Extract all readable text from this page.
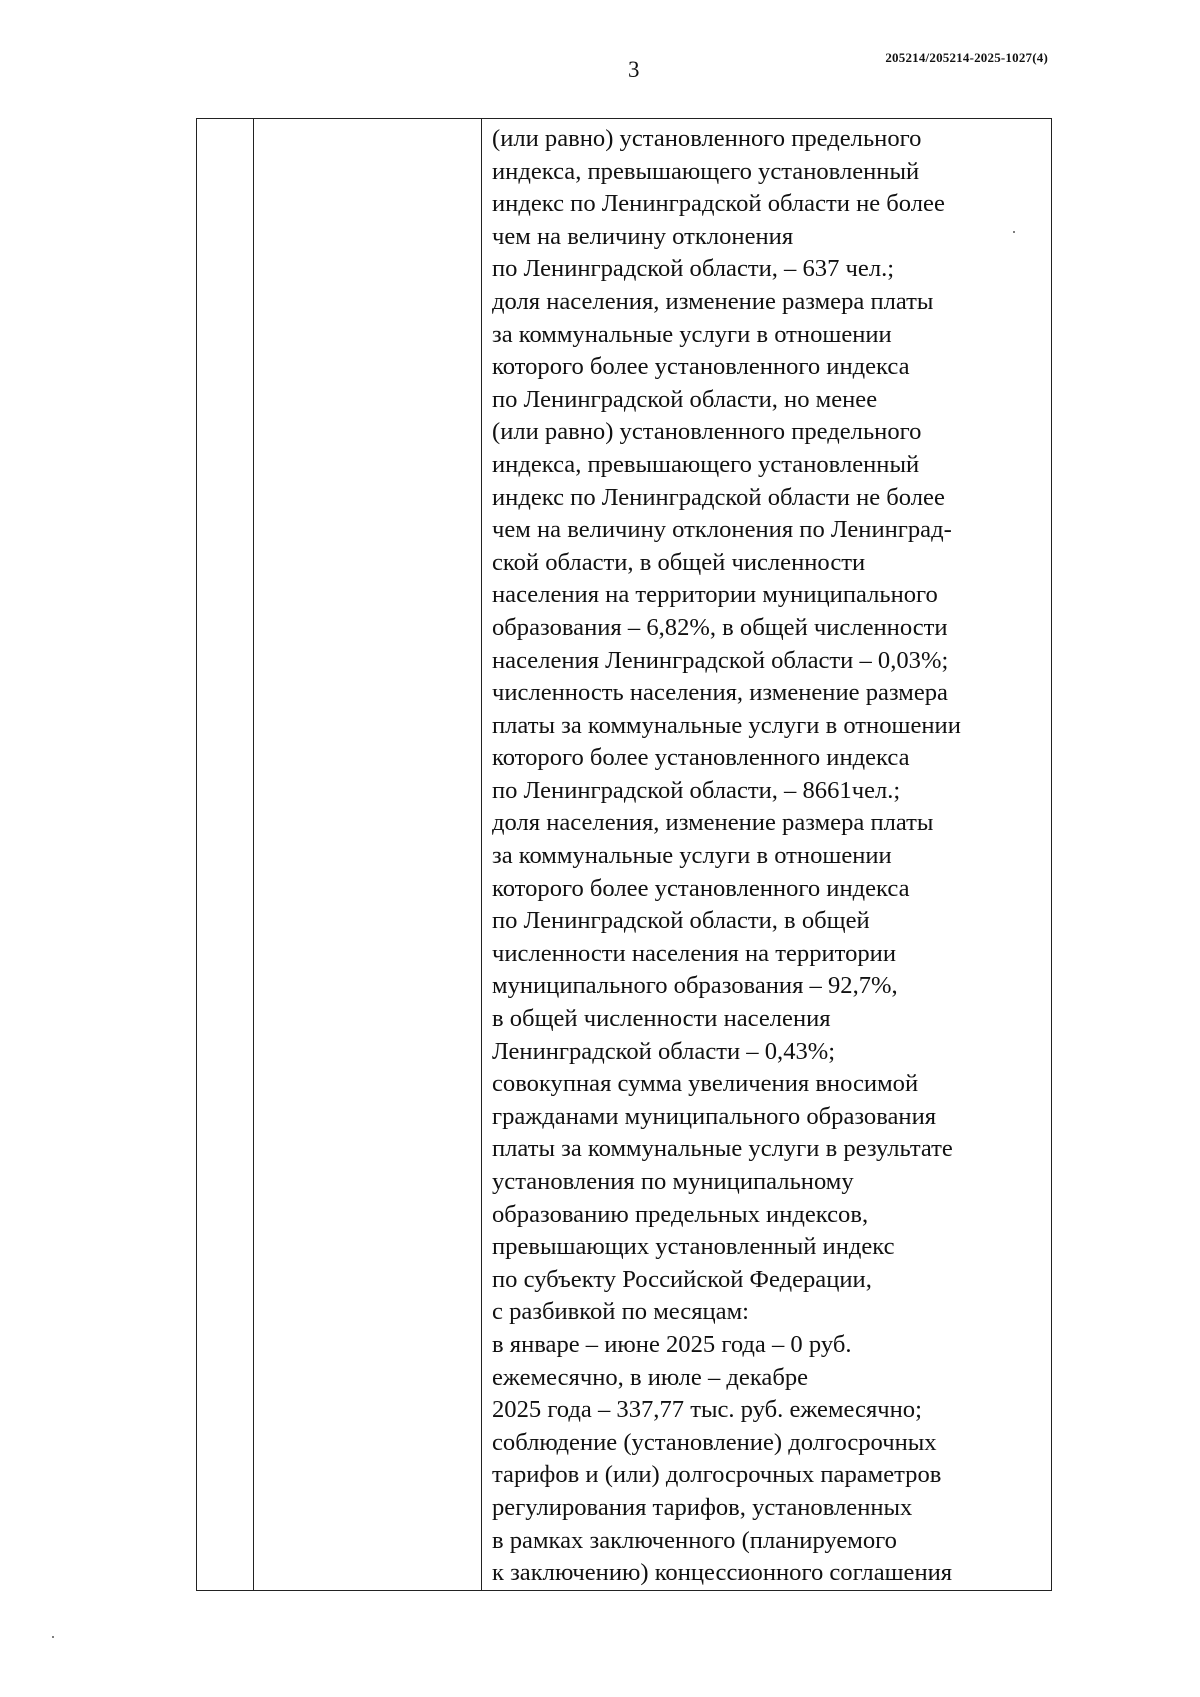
3	205214/205214-2025-1027(4)

(или равно) установленного предельного
индекса, превышающего установленный
индекс по Ленинградской области не более
чем на величину отклонения
по Ленинградской области, – 637 чел.;
доля населения, изменение размера платы
за коммунальные услуги в отношении
которого более установленного индекса
по Ленинградской области, но менее
(или равно) установленного предельного
индекса, превышающего установленный
индекс по Ленинградской области не более
чем на величину отклонения по Ленинград-
ской области, в общей численности
населения на территории муниципального
образования – 6,82%, в общей численности
населения Ленинградской области – 0,03%;
численность населения, изменение размера
платы за коммунальные услуги в отношении
которого более установленного индекса
по Ленинградской области, – 8661чел.;
доля населения, изменение размера платы
за коммунальные услуги в отношении
которого более установленного индекса
по Ленинградской области, в общей
численности населения на территории
муниципального образования – 92,7%,
в общей численности населения
Ленинградской области – 0,43%;
совокупная сумма увеличения вносимой
гражданами муниципального образования
платы за коммунальные услуги в результате
установления по муниципальному
образованию предельных индексов,
превышающих установленный индекс
по субъекту Российской Федерации,
с разбивкой по месяцам:
в январе – июне 2025 года – 0 руб.
ежемесячно, в июле – декабре
2025 года – 337,77 тыс. руб. ежемесячно;
соблюдение (установление) долгосрочных
тарифов и (или) долгосрочных параметров
регулирования тарифов, установленных
в рамках заключенного (планируемого
к заключению) концессионного соглашения
